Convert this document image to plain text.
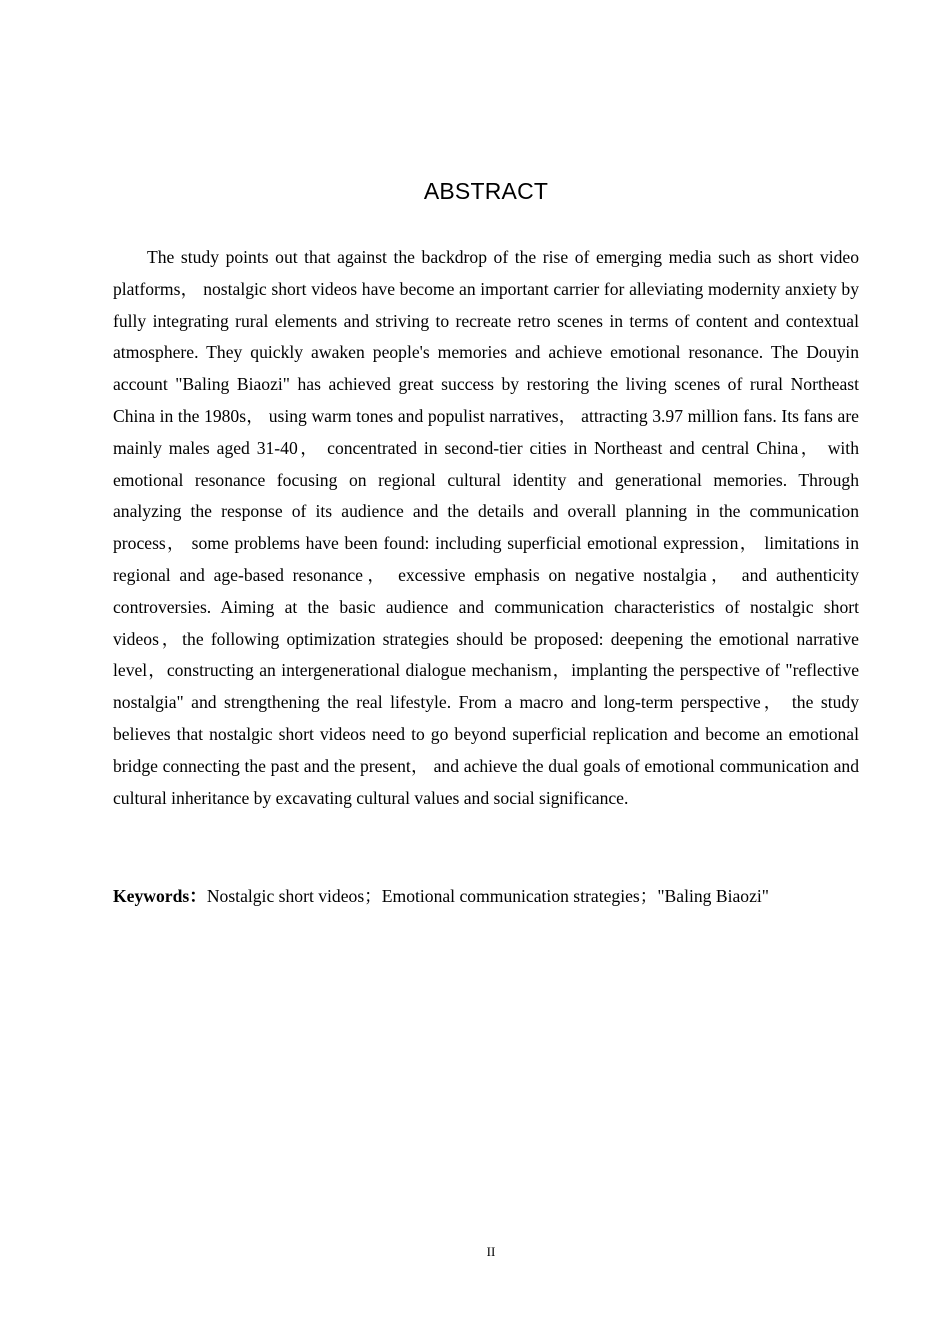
ABSTRACT

The study points out that against the backdrop of the rise of emerging media such as short video platforms， nostalgic short videos have become an important carrier for alleviating modernity anxiety by fully integrating rural elements and striving to recreate retro scenes in terms of content and contextual atmosphere. They quickly awaken people's memories and achieve emotional resonance. The Douyin account "Baling Biaozi" has achieved great success by restoring the living scenes of rural Northeast China in the 1980s， using warm tones and populist narratives， attracting 3.97 million fans. Its fans are mainly males aged 31-40， concentrated in second-tier cities in Northeast and central China， with emotional resonance focusing on regional cultural identity and generational memories. Through analyzing the response of its audience and the details and overall planning in the communication process， some problems have been found: including superficial emotional expression， limitations in regional and age-based resonance， excessive emphasis on negative nostalgia， and authenticity controversies. Aiming at the basic audience and communication characteristics of nostalgic short videos，the following optimization strategies should be proposed: deepening the emotional narrative level，constructing an intergenerational dialogue mechanism，implanting the perspective of "reflective nostalgia" and strengthening the real lifestyle. From a macro and long-term perspective， the study believes that nostalgic short videos need to go beyond superficial replication and become an emotional bridge connecting the past and the present， and achieve the dual goals of emotional communication and cultural inheritance by excavating cultural values and social significance.

Keywords：Nostalgic short videos；Emotional communication strategies；"Baling Biaozi"

II
